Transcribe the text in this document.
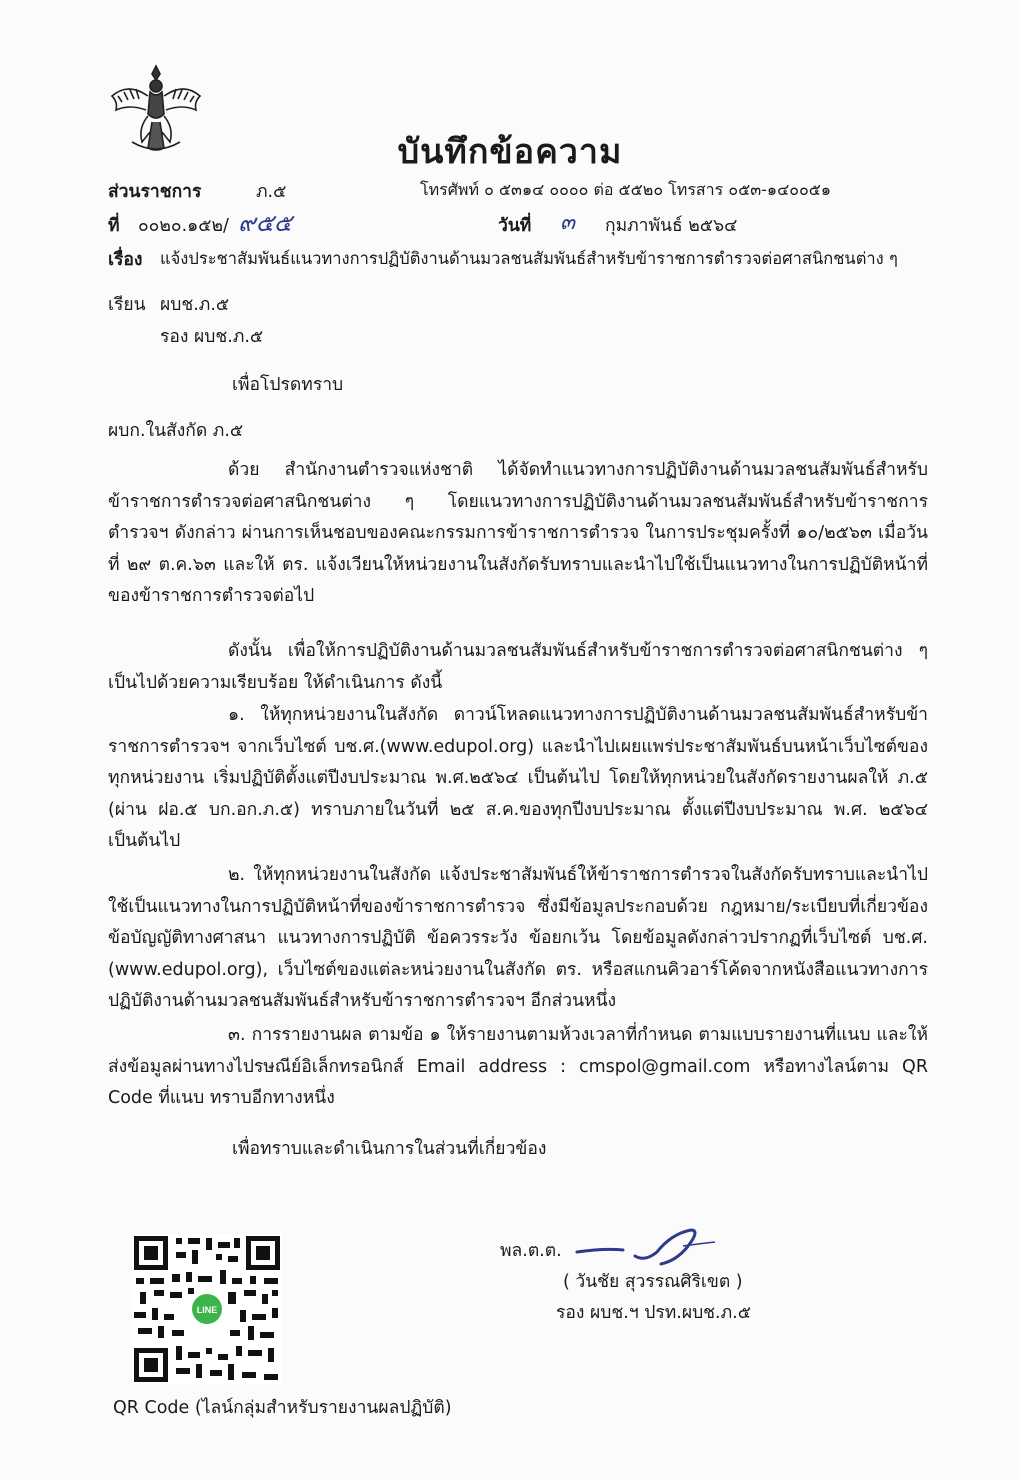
บันทึกข้อความ
ส่วนราชการ	ภ.๕	โทรศัพท์ ๐ ๕๓๑๔ ๐๐๐๐ ต่อ ๕๕๒๐ โทรสาร ๐๕๓-๑๔๐๐๕๑
ที่ ๐๐๒๐.๑๕๒/ ๙๕๕	วันที่ ๓ กุมภาพันธ์ ๒๕๖๔
เรื่อง แจ้งประชาสัมพันธ์แนวทางการปฏิบัติงานด้านมวลชนสัมพันธ์สำหรับข้าราชการตำรวจต่อศาสนิกชนต่าง ๆ
เรียน ผบช.ภ.๕
รอง ผบช.ภ.๕
เพื่อโปรดทราบ
ผบก.ในสังกัด ภ.๕

ด้วย สำนักงานตำรวจแห่งชาติ ได้จัดทำแนวทางการปฏิบัติงานด้านมวลชนสัมพันธ์สำหรับข้าราชการตำรวจต่อศาสนิกชนต่าง ๆ โดยแนวทางการปฏิบัติงานด้านมวลชนสัมพันธ์สำหรับข้าราชการตำรวจฯ ดังกล่าว ผ่านการเห็นชอบของคณะกรรมการข้าราชการตำรวจ ในการประชุมครั้งที่ ๑๐/๒๕๖๓ เมื่อวันที่ ๒๙ ต.ค.๖๓ และให้ ตร. แจ้งเวียนให้หน่วยงานในสังกัดรับทราบและนำไปใช้เป็นแนวทางในการปฏิบัติหน้าที่ของข้าราชการตำรวจต่อไป

ดังนั้น เพื่อให้การปฏิบัติงานด้านมวลชนสัมพันธ์สำหรับข้าราชการตำรวจต่อศาสนิกชนต่าง ๆ เป็นไปด้วยความเรียบร้อย ให้ดำเนินการ ดังนี้

๑. ให้ทุกหน่วยงานในสังกัด ดาวน์โหลดแนวทางการปฏิบัติงานด้านมวลชนสัมพันธ์สำหรับข้าราชการตำรวจฯ จากเว็บไซต์ บช.ศ.(www.edupol.org) และนำไปเผยแพร่ประชาสัมพันธ์บนหน้าเว็บไซต์ของทุกหน่วยงาน เริ่มปฏิบัติตั้งแต่ปีงบประมาณ พ.ศ.๒๕๖๔ เป็นต้นไป โดยให้ทุกหน่วยในสังกัดรายงานผลให้ ภ.๕ (ผ่าน ฝอ.๕ บก.อก.ภ.๕) ทราบภายในวันที่ ๒๕ ส.ค.ของทุกปีงบประมาณ ตั้งแต่ปีงบประมาณ พ.ศ. ๒๕๖๔ เป็นต้นไป

๒. ให้ทุกหน่วยงานในสังกัด แจ้งประชาสัมพันธ์ให้ข้าราชการตำรวจในสังกัดรับทราบและนำไปใช้เป็นแนวทางในการปฏิบัติหน้าที่ของข้าราชการตำรวจ ซึ่งมีข้อมูลประกอบด้วย กฎหมาย/ระเบียบที่เกี่ยวข้อง ข้อบัญญัติทางศาสนา แนวทางการปฏิบัติ ข้อควรระวัง ข้อยกเว้น โดยข้อมูลดังกล่าวปรากฏที่เว็บไซต์ บช.ศ.(www.edupol.org), เว็บไซต์ของแต่ละหน่วยงานในสังกัด ตร. หรือสแกนคิวอาร์โค้ดจากหนังสือแนวทางการปฏิบัติงานด้านมวลชนสัมพันธ์สำหรับข้าราชการตำรวจฯ อีกส่วนหนึ่ง

๓. การรายงานผล ตามข้อ ๑ ให้รายงานตามห้วงเวลาที่กำหนด ตามแบบรายงานที่แนบ และให้ส่งข้อมูลผ่านทางไปรษณีย์อิเล็กทรอนิกส์ Email address : cmspol@gmail.com หรือทางไลน์ตาม QR Code ที่แนบ ทราบอีกทางหนึ่ง

เพื่อทราบและดำเนินการในส่วนที่เกี่ยวข้อง
LINE
QR Code (ไลน์กลุ่มสำหรับรายงานผลปฏิบัติ)
พล.ต.ต.
( วันชัย สุวรรณศิริเขต )
รอง ผบช.ฯ ปรท.ผบช.ภ.๕
